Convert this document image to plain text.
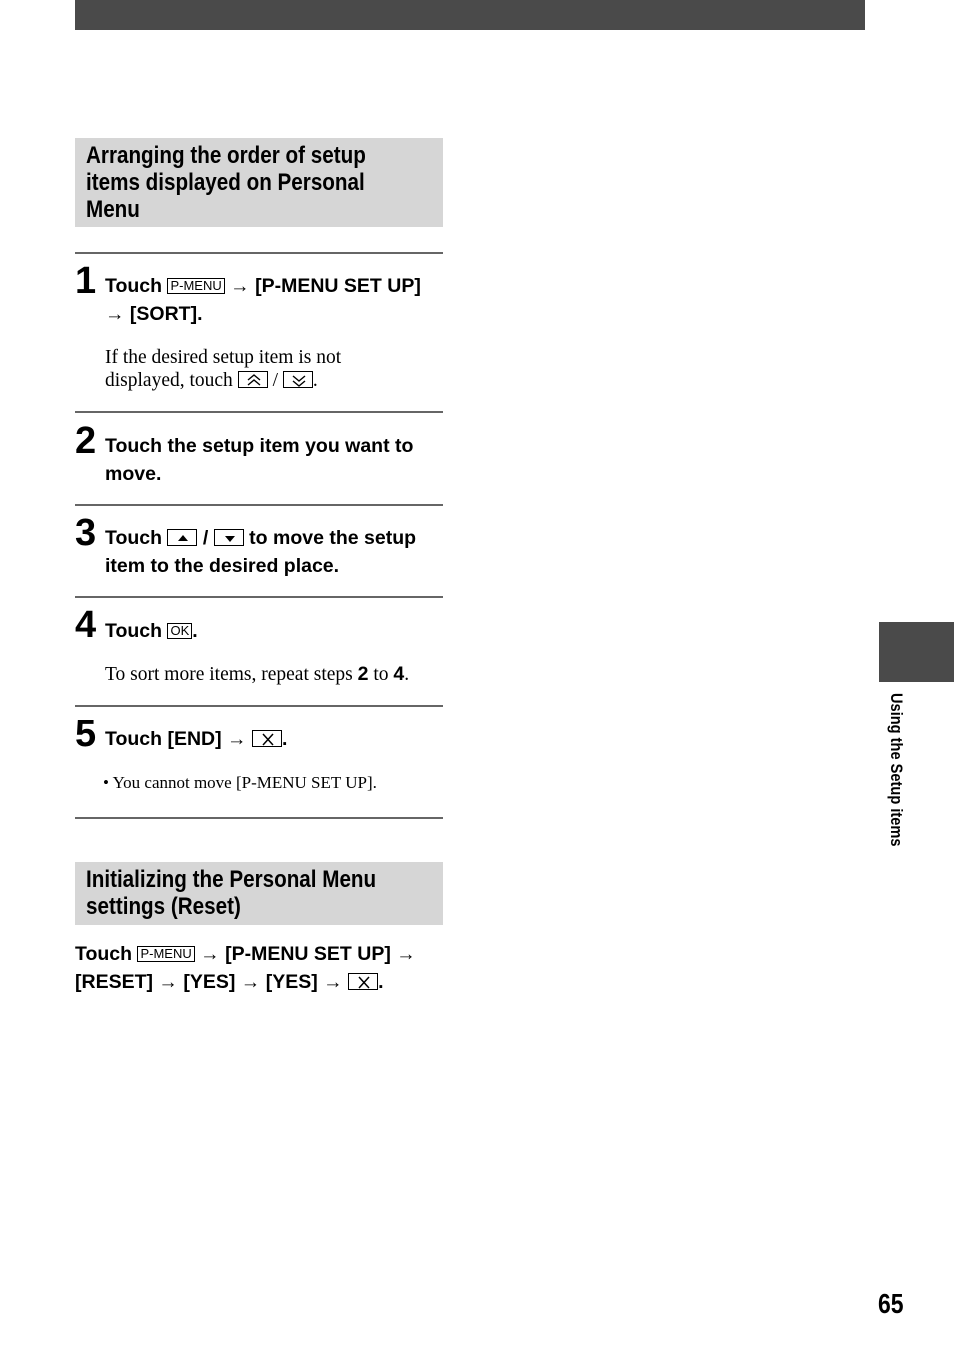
Arranging the order of setup
items displayed on Personal
Menu
1 Touch P-MENU → [P-MENU SET UP]
→ [SORT].
If the desired setup item is not
displayed, touch / .
2 Touch the setup item you want to
move.
3 Touch / to move the setup
item to the desired place.
4 Touch OK .
To sort more items, repeat steps 2 to 4.
5 Touch [END] → .
• You cannot move [P-MENU SET UP].
Initializing the Personal Menu
settings (Reset)
Touch P-MENU → [P-MENU SET UP] →
[RESET] → [YES] → [YES] → .
Using the Setup items
65
